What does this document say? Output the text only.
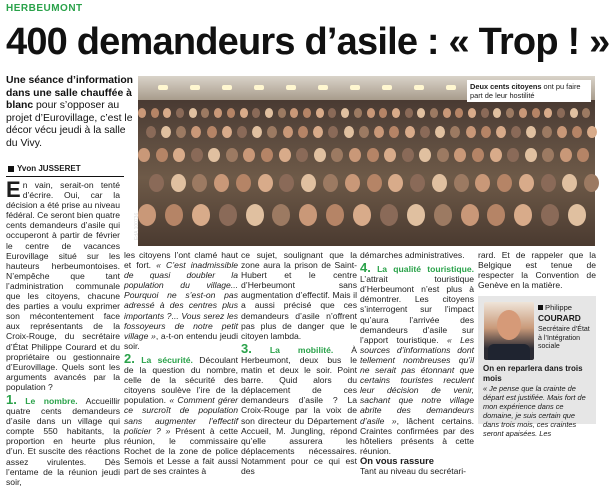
HERBEUMONT
400 demandeurs d’asile : « Trop ! »
Une séance d’information dans une salle chauffée à blanc pour s’opposer au projet d’Eurovillage, c’est le décor vécu jeudi à la salle du Vivy.
Yvon JUSSERET
Deux cents citoyens ont pu faire part de leur hostilité
EdA 100736

En vain, serait-on tenté d’écrire. Oui, car la décision a été prise au niveau fédéral. Ce seront bien quatre cents demandeurs d’asile qui occuperont à partir de février le centre de vacances Eurovillage situé sur les hauteurs herbeumontoises. N’empêche que tant l’administration communale que les citoyens, chacune des parties a voulu exprimer son mécontentement face aux représentants de la Croix-Rouge, du secrétaire d’État Philippe Courard et du propriétaire ou gestionnaire d’Eurovillage. Quels sont les arguments avancés par la population ?

1. Le nombre. Accueillir quatre cents demandeurs d’asile dans un village qui compte 550 habitants, la proportion en heurte plus d’un. Et suscite des réactions assez virulentes. Dès l’entame de la réunion jeudi soir,

les citoyens l’ont clamé haut et fort. « C’est inadmissible de quasi doubler la population du village... Pourquoi ne s’est-on pas adressé à des centres plus importants ?... Vous serez les fossoyeurs de notre petit village », a-t-on entendu jeudi soir.

2. La sécurité. Découlant de la question du nombre, celle de la sécurité des citoyens soulève l’ire de la population. « Comment gérer ce surcroît de population sans augmenter l’effectif policier ? » Présent à cette réunion, le commissaire Rochet de la zone de police Semois et Lesse a fait aussi part de ses craintes à

ce sujet, soulignant que la zone aura la prison de Saint-Hubert et le centre d’Herbeumont sans augmentation d’effectif. Mais il a aussi précisé que ces demandeurs d’asile n’offrent pas plus de danger que le citoyen lambda.

3. La mobilité. À Herbeumont, deux bus le matin et deux le soir. Point barre. Quid alors du déplacement de ces demandeurs d’asile ? La Croix-Rouge par la voix de son directeur du Département Accueil, M. Jungling, répond qu’elle assurera les déplacements nécessaires. Notamment pour ce qui est des

démarches administratives.

4. La qualité touristique. L’attrait touristique d’Herbeumont n’est plus à démontrer. Les citoyens s’interrogent sur l’impact qu’aura l’arrivée des demandeurs d’asile sur l’apport touristique. « Les sources d’informations dont tellement nombreuses qu’il ne serait pas étonnant que certains touristes reculent leur décision de venir, sachant que notre village abrite des demandeurs d’asile », lâchent certains. Craintes confirmées par des hôteliers présents à cette réunion.

On vous rassure

Tant au niveau du secrétari-

rard. Et de rappeler que la Belgique est tenue de respecter la Convention de Genève en la matière.

Philippe
COURARD
Secrétaire d’État à l’Intégration sociale
On en reparlera dans trois mois
« Je pense que la crainte de départ est justifiée. Mais fort de mon expérience dans ce domaine, je suis certain que dans trois mois, ces craintes seront apaisées. Les
